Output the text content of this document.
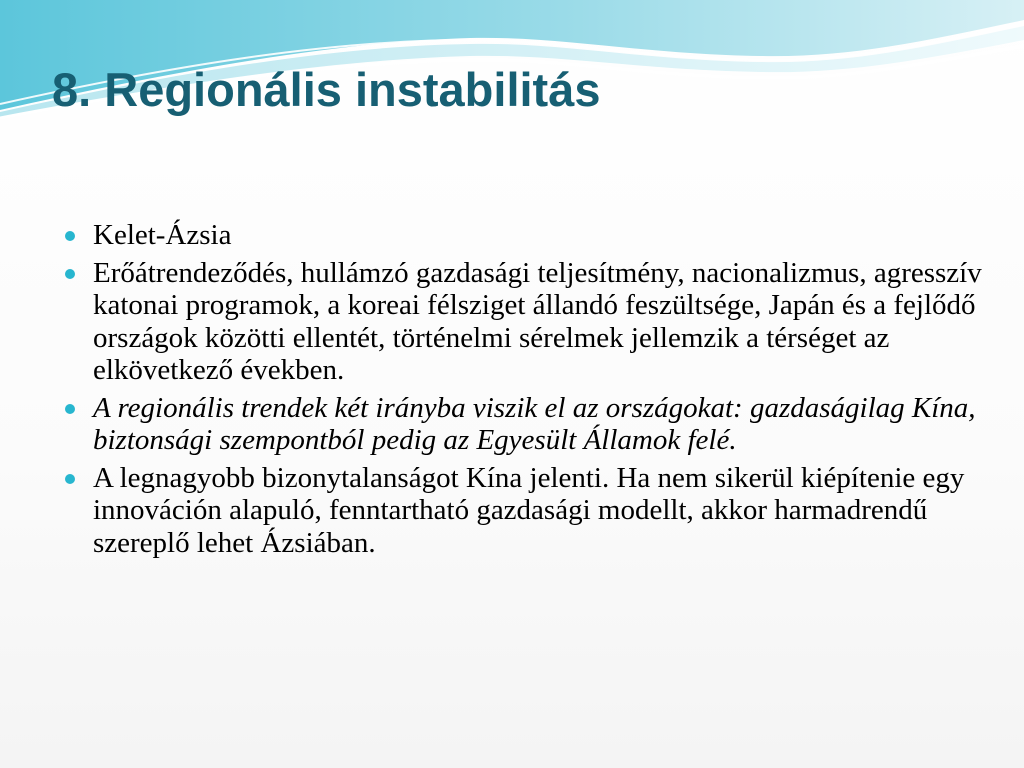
8. Regionális instabilitás
Kelet-Ázsia
Erőátrendeződés, hullámzó gazdasági teljesítmény, nacionalizmus, agresszív katonai programok, a koreai félsziget állandó feszültsége, Japán és a fejlődő országok közötti ellentét, történelmi sérelmek jellemzik a térséget az elkövetkező években.
A regionális trendek két irányba viszik el az országokat: gazdaságilag Kína, biztonsági szempontból pedig az Egyesült Államok felé.
A legnagyobb bizonytalanságot Kína jelenti. Ha nem sikerül kiépítenie egy innováción alapuló, fenntartható gazdasági modellt, akkor harmadrendű szereplő lehet Ázsiában.
